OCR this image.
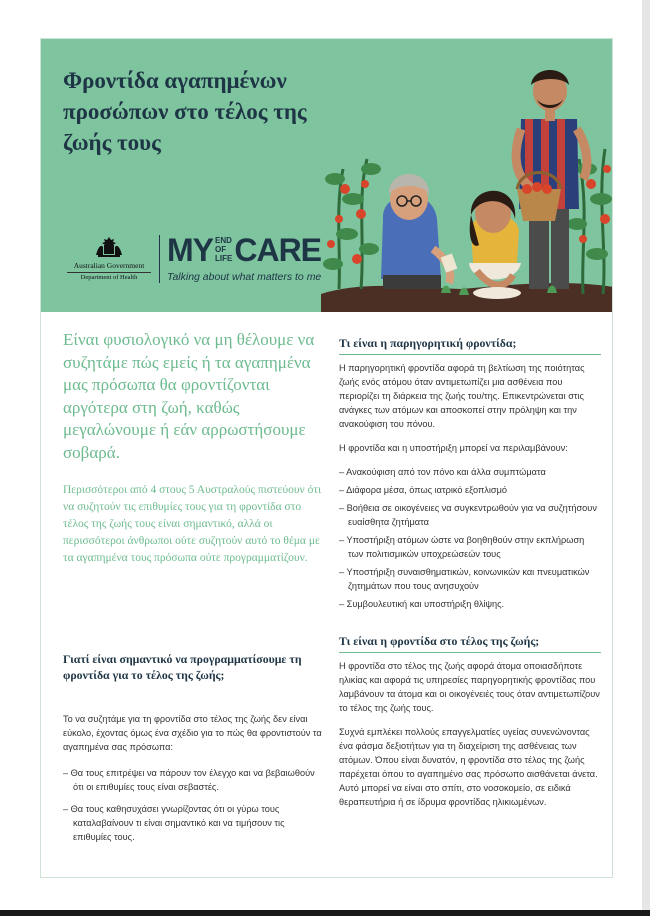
Φροντίδα αγαπημένων προσώπων στο τέλος της ζωής τους
Australian Government
Department of Health
MY END
OF
LIFECARE
Talking about what matters to me

Είναι φυσιολογικό να μη θέλουμε να συζητάμε πώς εμείς ή τα αγαπημένα μας πρόσωπα θα φροντίζονται αργότερα στη ζωή, καθώς μεγαλώνουμε ή εάν αρρωστήσουμε σοβαρά.

Περισσότεροι από 4 στους 5 Αυστραλούς πιστεύουν ότι να συζητούν τις επιθυμίες τους για τη φροντίδα στο τέλος της ζωής τους είναι σημαντικό, αλλά οι περισσότεροι άνθρωποι ούτε συζητούν αυτό το θέμα με τα αγαπημένα τους πρόσωπα ούτε προγραμματίζουν.

Γιατί είναι σημαντικό να προγραμματίσουμε τη φροντίδα για το τέλος της ζωής;

Το να συζητάμε για τη φροντίδα στο τέλος της ζωής δεν είναι εύκολο, έχοντας όμως ένα σχέδιο για το πώς θα φροντιστούν τα αγαπημένα σας πρόσωπα:

– Θα τους επιτρέψει να πάρουν τον έλεγχο και να βεβαιωθούν ότι οι επιθυμίες τους είναι σεβαστές.
– Θα τους καθησυχάσει γνωρίζοντας ότι οι γύρω τους καταλαβαίνουν τι είναι σημαντικό και να τιμήσουν τις επιθυμίες τους.
Τι είναι η παρηγορητική φροντίδα;

Η παρηγορητική φροντίδα αφορά τη βελτίωση της ποιότητας ζωής ενός ατόμου όταν αντιμετωπίζει μια ασθένεια που περιορίζει τη διάρκεια της ζωής του/της. Επικεντρώνεται στις ανάγκες των ατόμων και αποσκοπεί στην πρόληψη και την ανακούφιση του πόνου.

Η φροντίδα και η υποστήριξη μπορεί να περιλαμβάνουν:

– Ανακούφιση από τον πόνο και άλλα συμπτώματα
– Διάφορα μέσα, όπως ιατρικό εξοπλισμό
– Βοήθεια σε οικογένειες να συγκεντρωθούν για να συζητήσουν ευαίσθητα ζητήματα
– Υποστήριξη ατόμων ώστε να βοηθηθούν στην εκπλήρωση των πολιτισμικών υποχρεώσεών τους
– Υποστήριξη συναισθηματικών, κοινωνικών και πνευματικών ζητημάτων που τους ανησυχούν
– Συμβουλευτική και υποστήριξη θλίψης.
Τι είναι η φροντίδα στο τέλος της ζωής;

Η φροντίδα στο τέλος της ζωής αφορά άτομα οποιασδήποτε ηλικίας και αφορά τις υπηρεσίες παρηγορητικής φροντίδας που λαμβάνουν τα άτομα και οι οικογένειές τους όταν αντιμετωπίζουν το τέλος της ζωής τους.

Συχνά εμπλέκει πολλούς επαγγελματίες υγείας συνενώνοντας ένα φάσμα δεξιοτήτων για τη διαχείριση της ασθένειας των ατόμων. Όπου είναι δυνατόν, η φροντίδα στο τέλος της ζωής παρέχεται όπου το αγαπημένο σας πρόσωπο αισθάνεται άνετα. Αυτό μπορεί να είναι στο σπίτι, στο νοσοκομείο, σε ειδικά θεραπευτήρια ή σε ίδρυμα φροντίδας ηλικιωμένων.
